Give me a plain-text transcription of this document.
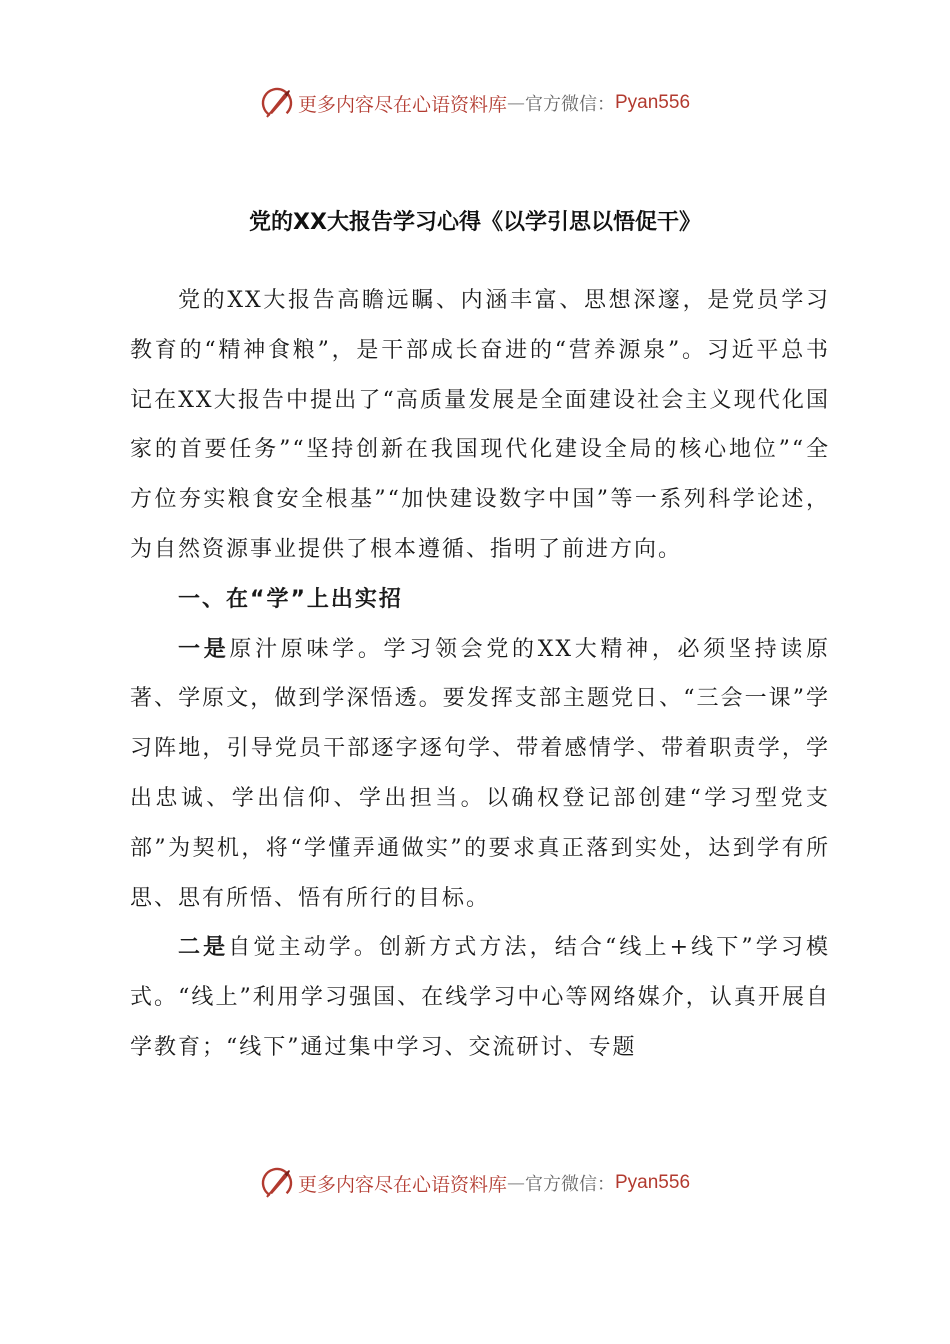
更多内容尽在心语资料库 — 官方微信： Pyan556
党的XX大报告学习心得《以学引思以悟促干》

党的XX大报告高瞻远瞩、内涵丰富、思想深邃，是党员学习教育的“精神食粮”，是干部成长奋进的“营养源泉”。习近平总书记在XX大报告中提出了“高质量发展是全面建设社会主义现代化国家的首要任务”“坚持创新在我国现代化建设全局的核心地位”“全方位夯实粮食安全根基”“加快建设数字中国”等一系列科学论述，为自然资源事业提供了根本遵循、指明了前进方向。

一、在“学”上出实招

一是原汁原味学。学习领会党的XX大精神，必须坚持读原著、学原文，做到学深悟透。要发挥支部主题党日、“三会一课”学习阵地，引导党员干部逐字逐句学、带着感情学、带着职责学，学出忠诚、学出信仰、学出担当。以确权登记部创建“学习型党支部”为契机，将“学懂弄通做实”的要求真正落到实处，达到学有所思、思有所悟、悟有所行的目标。

二是自觉主动学。创新方式方法，结合“线上+线下”学习模式。“线上”利用学习强国、在线学习中心等网络媒介，认真开展自学教育；“线下”通过集中学习、交流研讨、专题

更多内容尽在心语资料库 — 官方微信： Pyan556
